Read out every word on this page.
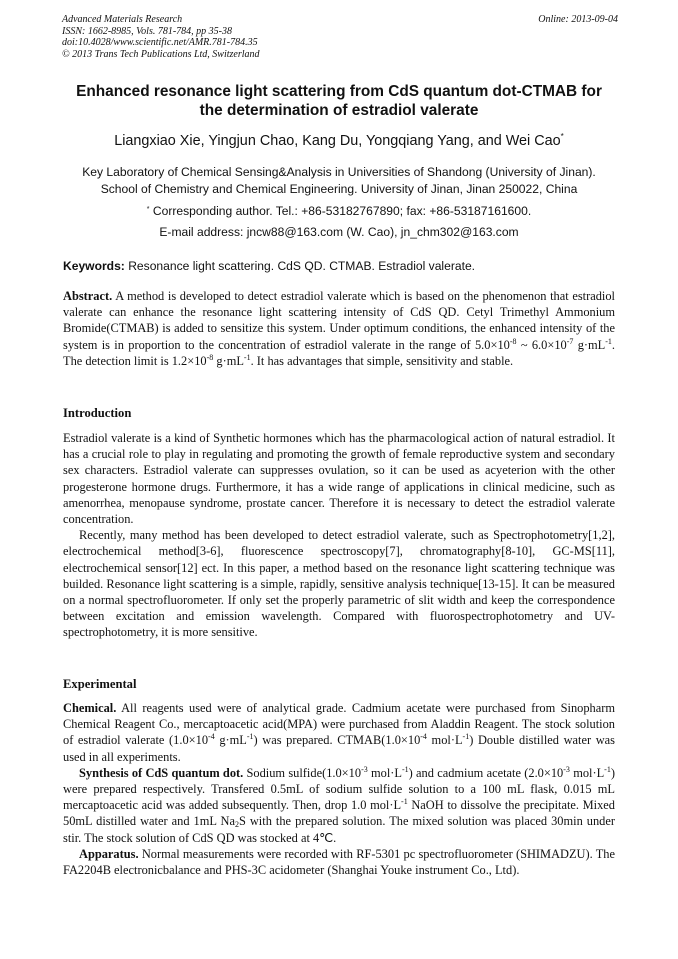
Advanced Materials Research
ISSN: 1662-8985, Vols. 781-784, pp 35-38
doi:10.4028/www.scientific.net/AMR.781-784.35
© 2013 Trans Tech Publications Ltd, Switzerland
Online: 2013-09-04
Enhanced resonance light scattering from CdS quantum dot-CTMAB for
the determination of estradiol valerate
Liangxiao Xie, Yingjun Chao, Kang Du, Yongqiang Yang, and Wei Cao*
Key Laboratory of Chemical Sensing&Analysis in Universities of Shandong (University of Jinan).
School of Chemistry and Chemical Engineering. University of Jinan, Jinan 250022, China
* Corresponding author. Tel.: +86-53182767890; fax: +86-53187161600.
E-mail address: jncw88@163.com (W. Cao), jn_chm302@163.com
Keywords: Resonance light scattering. CdS QD. CTMAB. Estradiol valerate.

Abstract. A method is developed to detect estradiol valerate which is based on the phenomenon that estradiol valerate can enhance the resonance light scattering intensity of CdS QD. Cetyl Trimethyl Ammonium Bromide(CTMAB) is added to sensitize this system. Under optimum conditions, the enhanced intensity of the system is in proportion to the concentration of estradiol valerate in the range of $5.0\times 10^{-8}$ ~ $6.0\times 10^{-7}$ $g\cdot mL^{-1}$. The detection limit is $1.2\times 10^{-8}$ $g\cdot mL^{-1}$. It has advantages that simple, sensitivity and stable.

Introduction

Estradiol valerate is a kind of Synthetic hormones which has the pharmacological action of natural estradiol. It has a crucial role to play in regulating and promoting the growth of female reproductive system and secondary sex characters. Estradiol valerate can suppresses ovulation, so it can be used as acyeterion with the other progesterone hormone drugs. Furthermore, it has a wide range of applications in clinical medicine, such as amenorrhea, menopause syndrome, prostate cancer. Therefore it is necessary to detect the estradiol valerate concentration.

Recently, many method has been developed to detect estradiol valerate, such as Spectrophotometry[1,2], electrochemical method[3-6], fluorescence spectroscopy[7], chromatography[8-10], GC-MS[11], electrochemical sensor[12] ect. In this paper, a method based on the resonance light scattering technique was builded. Resonance light scattering is a simple, rapidly, sensitive analysis technique[13-15]. It can be measured on a normal spectrofluorometer. If only set the properly parametric of slit width and keep the correspondence between excitation and emission wavelength. Compared with fluorospectrophotometry and UV-spectrophotometry, it is more sensitive.

Experimental

Chemical. All reagents used were of analytical grade. Cadmium acetate were purchased from Sinopharm Chemical Reagent Co., mercaptoacetic acid(MPA) were purchased from Aladdin Reagent. The stock solution of estradiol valerate ($1.0\times 10^{-4}$ $g\cdot mL^{-1}$) was prepared. $CTMAB(1.0\times 10^{-4}$ $mol\cdot L^{-1}$) Double distilled water was used in all experiments.

Synthesis of CdS quantum dot. Sodium $sulfide(1.0\times 10^{-3}$ $mol\cdot L^{-1}$) and cadmium acetate ($2.0\times 10^{-3}$ $mol\cdot L^{-1}$) were prepared respectively. Transfered 0.5mL of sodium sulfide solution to a 100 mL flask, 0.015 mL mercaptoacetic acid was added subsequently. Then, drop 1.0 $mol\cdot L^{-1}$ NaOH to dissolve the precipitate. Mixed 50mL distilled water and 1mL $Na_2S$ with the prepared solution. The mixed solution was placed 30min under stir. The stock solution of CdS QD was stocked at 4℃.

Apparatus. Normal measurements were recorded with RF-5301 pc spectrofluorometer (SHIMADZU). The FA2204B electronicbalance and PHS-3C acidometer (Shanghai Youke instrument Co., Ltd).
